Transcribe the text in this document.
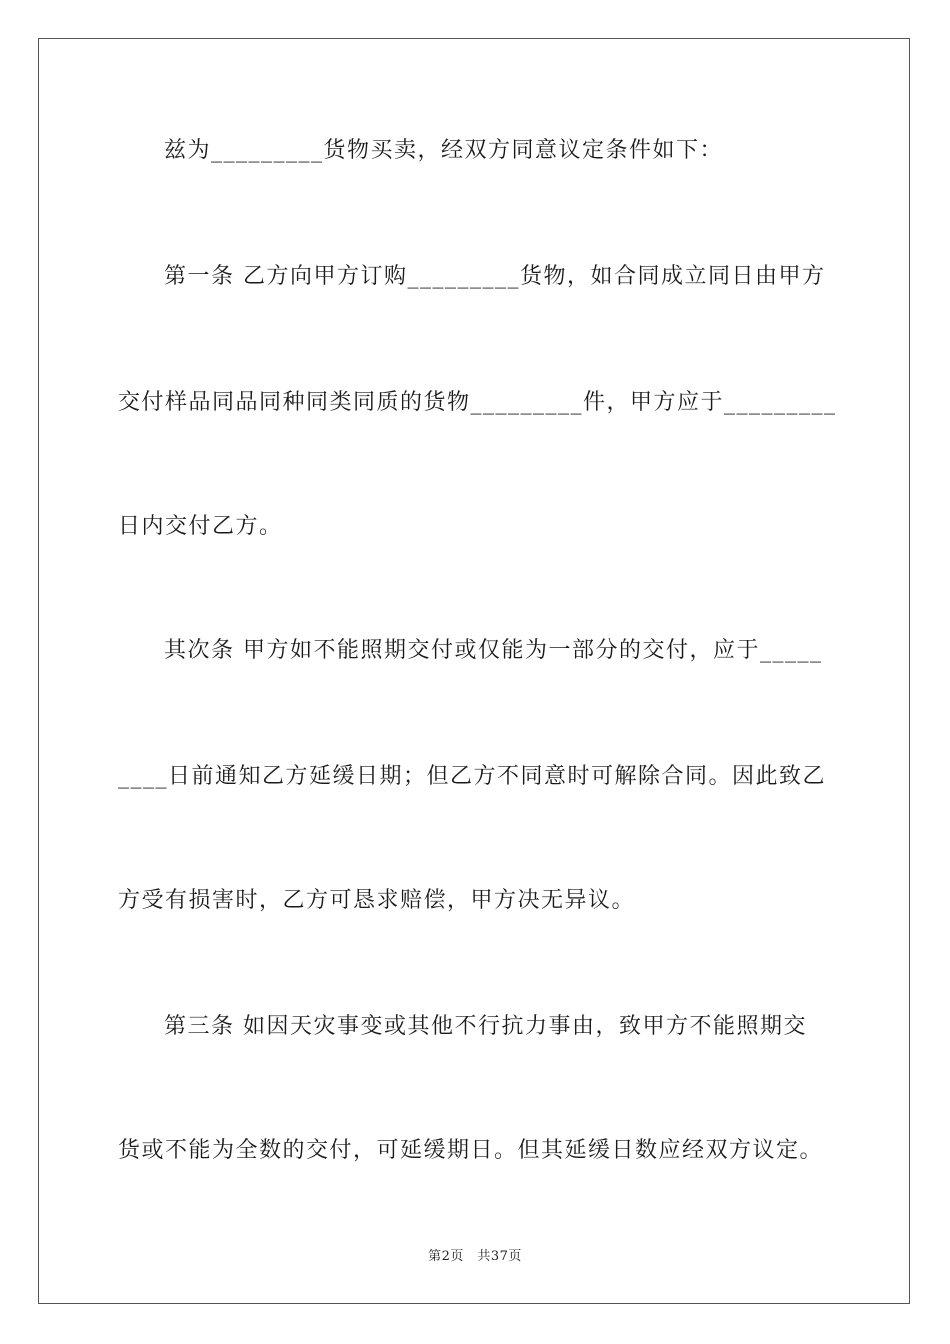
兹为_________货物买卖，经双方同意议定条件如下：
第一条 乙方向甲方订购_________货物，如合同成立同日由甲方
交付样品同品同种同类同质的货物_________件，甲方应于_________
日内交付乙方。
其次条 甲方如不能照期交付或仅能为一部分的交付，应于_____
____日前通知乙方延缓日期；但乙方不同意时可解除合同。因此致乙
方受有损害时，乙方可恳求赔偿，甲方决无异议。
第三条 如因天灾事变或其他不行抗力事由，致甲方不能照期交
货或不能为全数的交付，可延缓期日。但其延缓日数应经双方议定。
第2页　共37页
